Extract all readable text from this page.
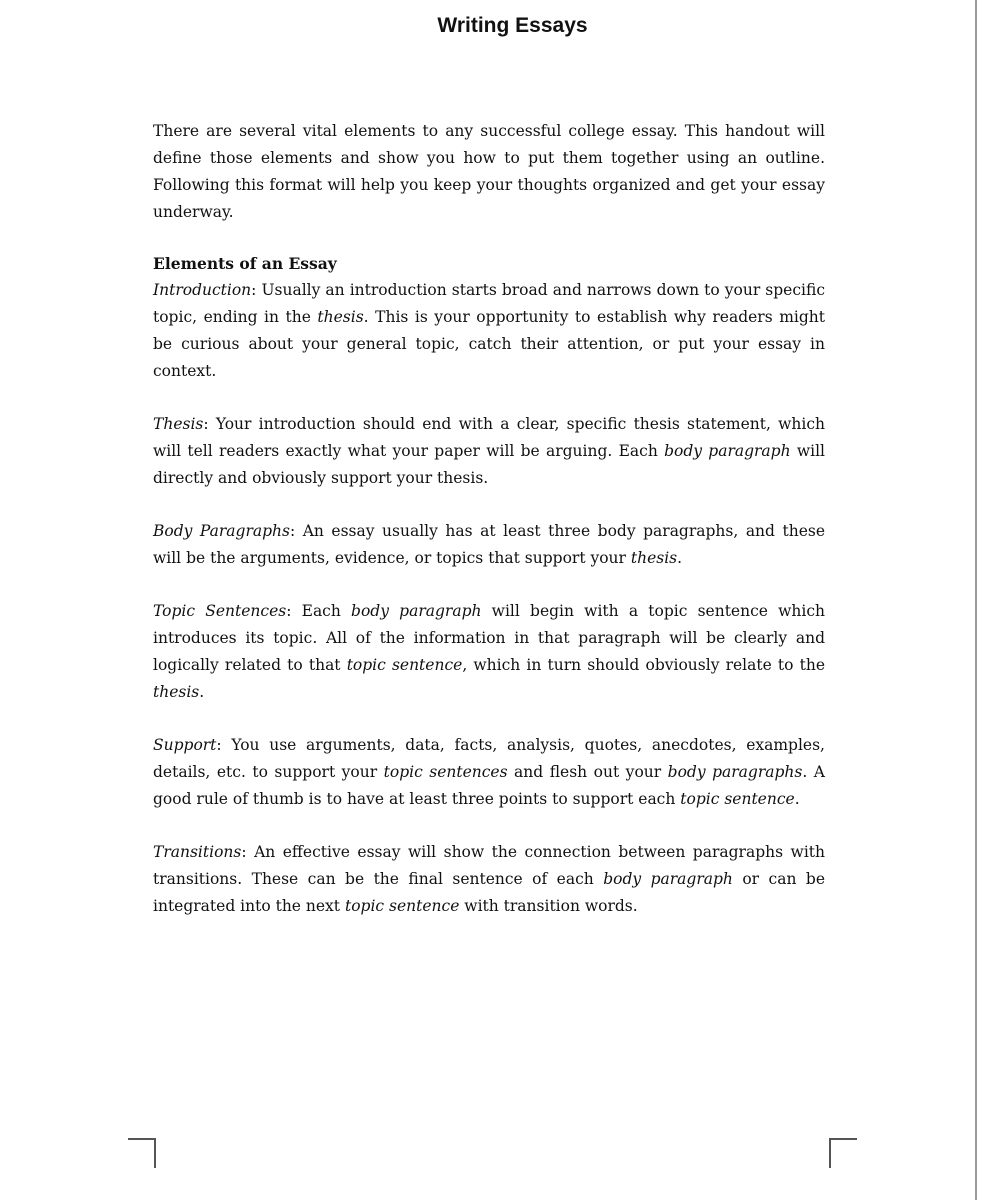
Writing Essays

There are several vital elements to any successful college essay. This handout will define those elements and show you how to put them together using an outline. Following this format will help you keep your thoughts organized and get your essay underway.

Elements of an Essay

Introduction: Usually an introduction starts broad and narrows down to your specific topic, ending in the thesis. This is your opportunity to establish why readers might be curious about your general topic, catch their attention, or put your essay in context.

Thesis: Your introduction should end with a clear, specific thesis statement, which will tell readers exactly what your paper will be arguing. Each body paragraph will directly and obviously support your thesis.

Body Paragraphs: An essay usually has at least three body paragraphs, and these will be the arguments, evidence, or topics that support your thesis.

Topic Sentences: Each body paragraph will begin with a topic sentence which introduces its topic. All of the information in that paragraph will be clearly and logically related to that topic sentence, which in turn should obviously relate to the thesis.

Support: You use arguments, data, facts, analysis, quotes, anecdotes, examples, details, etc. to support your topic sentences and flesh out your body paragraphs. A good rule of thumb is to have at least three points to support each topic sentence.

Transitions: An effective essay will show the connection between paragraphs with transitions. These can be the final sentence of each body paragraph or can be integrated into the next topic sentence with transition words.
